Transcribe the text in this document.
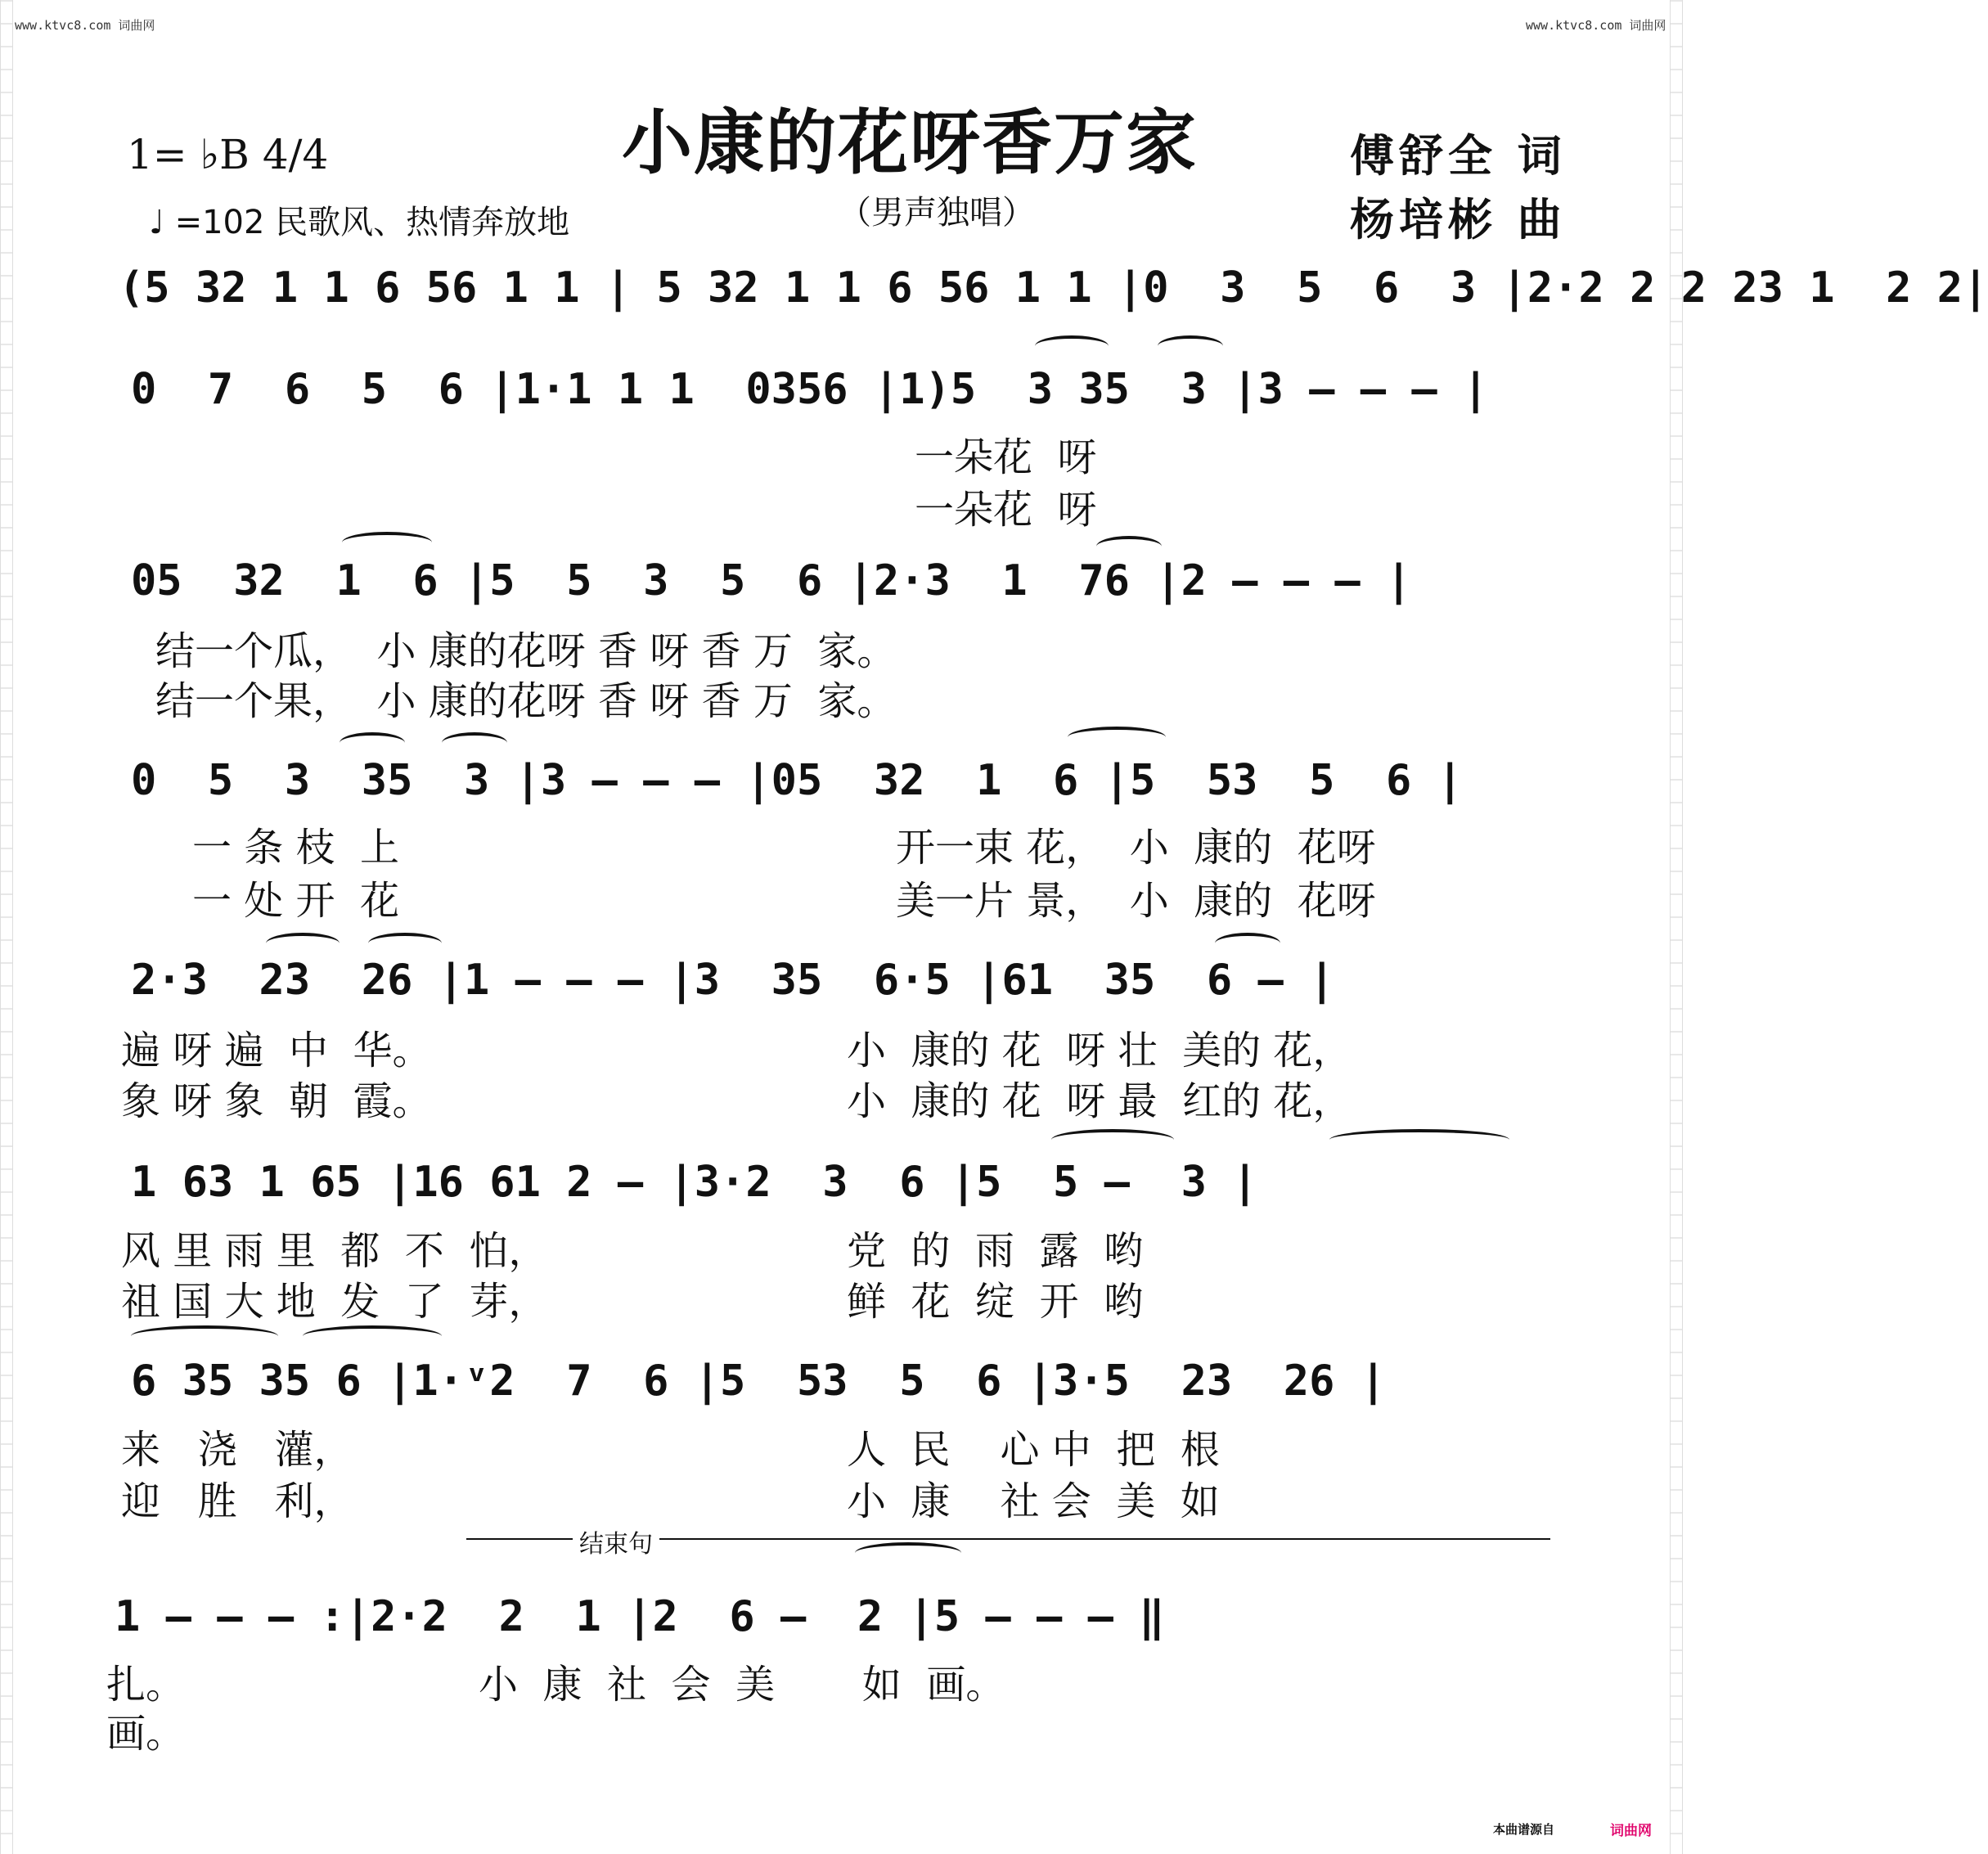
www.ktvc8.com 词曲网	www.ktvc8.com 词曲网
1= ♭B 4/4
♩ =102 民歌风、热情奔放地
小康的花呀香万家
（男声独唱）
傅舒全 词
杨培彬 曲
(5 32 1 1 6 56 1 1 | 5 32 1 1 6 56 1 1 |0  3  5  6  3 |2·2 2 2 23 1  2 2|
0  7  6  5  6 |1·1 1 1  0356 |1)5  3 35  3 |3 — — — |
一朵花  呀
一朵花  呀
05  32  1  6 |5  5  3  5  6 |2·3  1  76 |2 — — — |
结一个瓜，  小 康的花呀 香 呀 香 万  家。
结一个果，  小 康的花呀 香 呀 香 万  家。
0  5  3  35  3 |3 — — — |05  32  1  6 |5  53  5  6 |
一 条 枝  上
一 处 开  花
开一束 花，  小  康的  花呀
美一片 景，  小  康的  花呀
2·3  23  26 |1 — — — |3  35  6·5 |61  35  6 — |
遍 呀 遍  中  华。
象 呀 象  朝  霞。
小  康的 花  呀 壮  美的 花，
小  康的 花  呀 最  红的 花，
1 63 1 65 |16 61 2 — |3·2  3  6 |5  5 —  3 |
风 里 雨 里  都  不  怕，
祖 国 大 地  发  了  芽，
党  的  雨  露  哟
鲜  花  绽  开  哟
6 35 35 6 |1·ᵛ2  7  6 |5  53  5  6 |3·5  23  26 |
来   浇   灌，
迎   胜   利，
人  民    心 中  把  根
小  康    社 会  美  如
结束句
1 — — — :|2·2  2  1 |2  6 —  2 |5 — — — ‖
扎。
画。
小  康  社  会  美       如  画。
本曲谱源自	词曲网
